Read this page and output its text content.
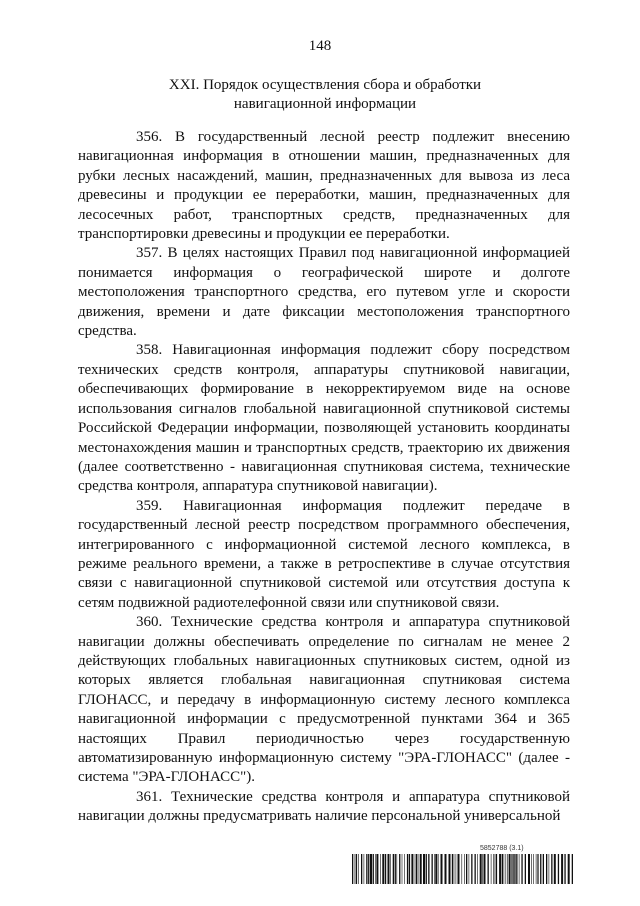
148
XXI. Порядок осуществления сбора и обработки
навигационной информации

356. В государственный лесной реестр подлежит внесению навигационная информация в отношении машин, предназначенных для рубки лесных насаждений, машин, предназначенных для вывоза из леса древесины и продукции ее переработки, машин, предназначенных для лесосечных работ, транспортных средств, предназначенных для транспортировки древесины и продукции ее переработки.

357. В целях настоящих Правил под навигационной информацией понимается информация о географической широте и долготе местоположения транспортного средства, его путевом угле и скорости движения, времени и дате фиксации местоположения транспортного средства.

358. Навигационная информация подлежит сбору посредством технических средств контроля, аппаратуры спутниковой навигации, обеспечивающих формирование в некорректируемом виде на основе использования сигналов глобальной навигационной спутниковой системы Российской Федерации информации, позволяющей установить координаты местонахождения машин и транспортных средств, траекторию их движения (далее соответственно - навигационная спутниковая система, технические средства контроля, аппаратура спутниковой навигации).

359. Навигационная информация подлежит передаче в государственный лесной реестр посредством программного обеспечения, интегрированного с информационной системой лесного комплекса, в режиме реального времени, а также в ретроспективе в случае отсутствия связи с навигационной спутниковой системой или отсутствия доступа к сетям подвижной радиотелефонной связи или спутниковой связи.

360. Технические средства контроля и аппаратура спутниковой навигации должны обеспечивать определение по сигналам не менее 2 действующих глобальных навигационных спутниковых систем, одной из которых является глобальная навигационная спутниковая система ГЛОНАСС, и передачу в информационную систему лесного комплекса навигационной информации с предусмотренной пунктами 364 и 365 настоящих Правил периодичностью через государственную автоматизированную информационную систему "ЭРА-ГЛОНАСС" (далее - система "ЭРА-ГЛОНАСС").

361. Технические средства контроля и аппаратура спутниковой навигации должны предусматривать наличие персональной универсальной

5852788 (3.1)
